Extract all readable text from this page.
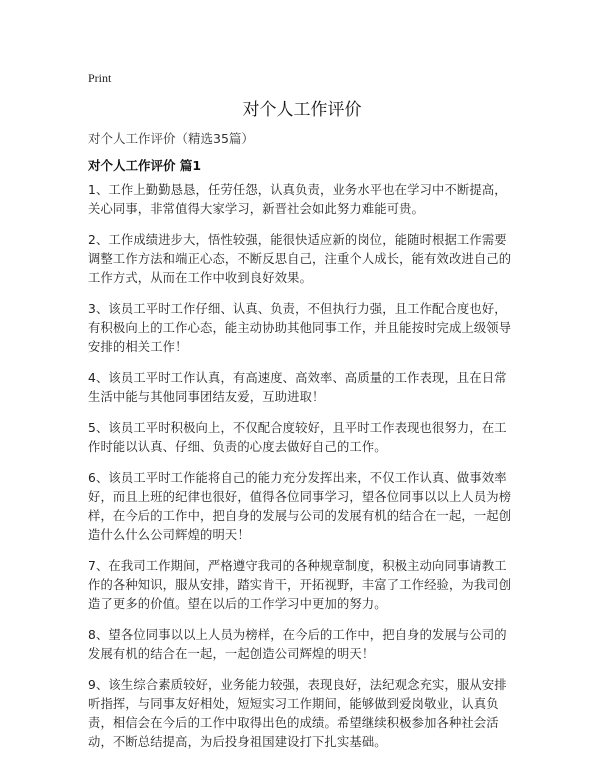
Print
对个人工作评价
对个人工作评价（精选35篇）
对个人工作评价 篇1

1、工作上勤勤恳恳，任劳任怨，认真负责，业务水平也在学习中不断提高，关心同事，非常值得大家学习，新晋社会如此努力难能可贵。

2、工作成绩进步大，悟性较强，能很快适应新的岗位，能随时根据工作需要调整工作方法和端正心态，不断反思自己，注重个人成长，能有效改进自己的工作方式，从而在工作中收到良好效果。

3、该员工平时工作仔细、认真、负责，不但执行力强，且工作配合度也好，有积极向上的工作心态，能主动协助其他同事工作，并且能按时完成上级领导安排的相关工作！

4、该员工平时工作认真，有高速度、高效率、高质量的工作表现，且在日常生活中能与其他同事团结友爱，互助进取！

5、该员工平时积极向上，不仅配合度较好，且平时工作表现也很努力，在工作时能以认真、仔细、负责的心度去做好自己的工作。

6、该员工平时工作能将自己的能力充分发挥出来，不仅工作认真、做事效率好，而且上班的纪律也很好，值得各位同事学习，望各位同事以以上人员为榜样，在今后的工作中，把自身的发展与公司的发展有机的结合在一起，一起创造什么什么公司辉煌的明天！

7、在我司工作期间，严格遵守我司的各种规章制度，积极主动向同事请教工作的各种知识，服从安排，踏实肯干，开拓视野，丰富了工作经验，为我司创造了更多的价值。望在以后的工作学习中更加的努力。

8、望各位同事以以上人员为榜样，在今后的工作中，把自身的发展与公司的发展有机的结合在一起，一起创造公司辉煌的明天！

9、该生综合素质较好，业务能力较强，表现良好，法纪观念充实，服从安排听指挥，与同事友好相处，短短实习工作期间，能够做到爱岗敬业，认真负责，相信会在今后的工作中取得出色的成绩。希望继续积极参加各种社会活动，不断总结提高，为后投身祖国建设打下扎实基础。
